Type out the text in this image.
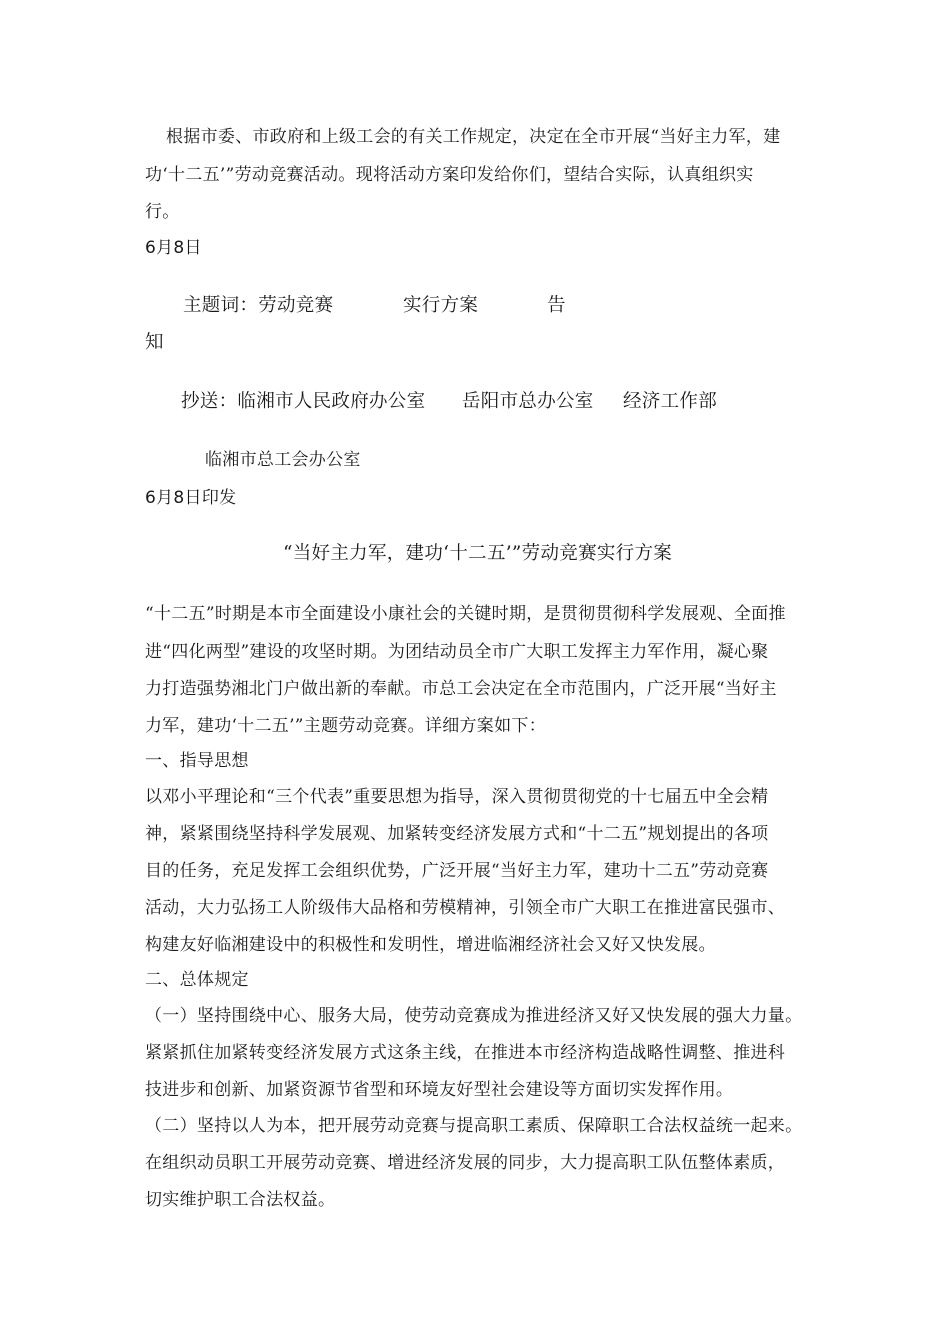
根据市委、市政府和上级工会的有关工作规定，决定在全市开展“当好主力军，建
功‘十二五’”劳动竞赛活动。现将活动方案印发给你们，望结合实际，认真组织实
行。
6月8日
主题词：劳动竞赛	实行方案	告
知
抄送：临湘市人民政府办公室 岳阳市总办公室 经济工作部
临湘市总工会办公室
6月8日印发
“当好主力军，建功‘十二五’”劳动竞赛实行方案
“十二五”时期是本市全面建设小康社会的关键时期，是贯彻贯彻科学发展观、全面推
进“四化两型”建设的攻坚时期。为团结动员全市广大职工发挥主力军作用，凝心聚
力打造强势湘北门户做出新的奉献。市总工会决定在全市范围内，广泛开展“当好主
力军，建功‘十二五’”主题劳动竞赛。详细方案如下：
一、指导思想
以邓小平理论和“三个代表”重要思想为指导，深入贯彻贯彻党的十七届五中全会精
神，紧紧围绕坚持科学发展观、加紧转变经济发展方式和“十二五”规划提出的各项
目的任务，充足发挥工会组织优势，广泛开展“当好主力军，建功十二五”劳动竞赛
活动，大力弘扬工人阶级伟大品格和劳模精神，引领全市广大职工在推进富民强市、
构建友好临湘建设中的积极性和发明性，增进临湘经济社会又好又快发展。
二、总体规定
（一）坚持围绕中心、服务大局，使劳动竞赛成为推进经济又好又快发展的强大力量。
紧紧抓住加紧转变经济发展方式这条主线，在推进本市经济构造战略性调整、推进科
技进步和创新、加紧资源节省型和环境友好型社会建设等方面切实发挥作用。
（二）坚持以人为本，把开展劳动竞赛与提高职工素质、保障职工合法权益统一起来。
在组织动员职工开展劳动竞赛、增进经济发展的同步，大力提高职工队伍整体素质，
切实维护职工合法权益。
